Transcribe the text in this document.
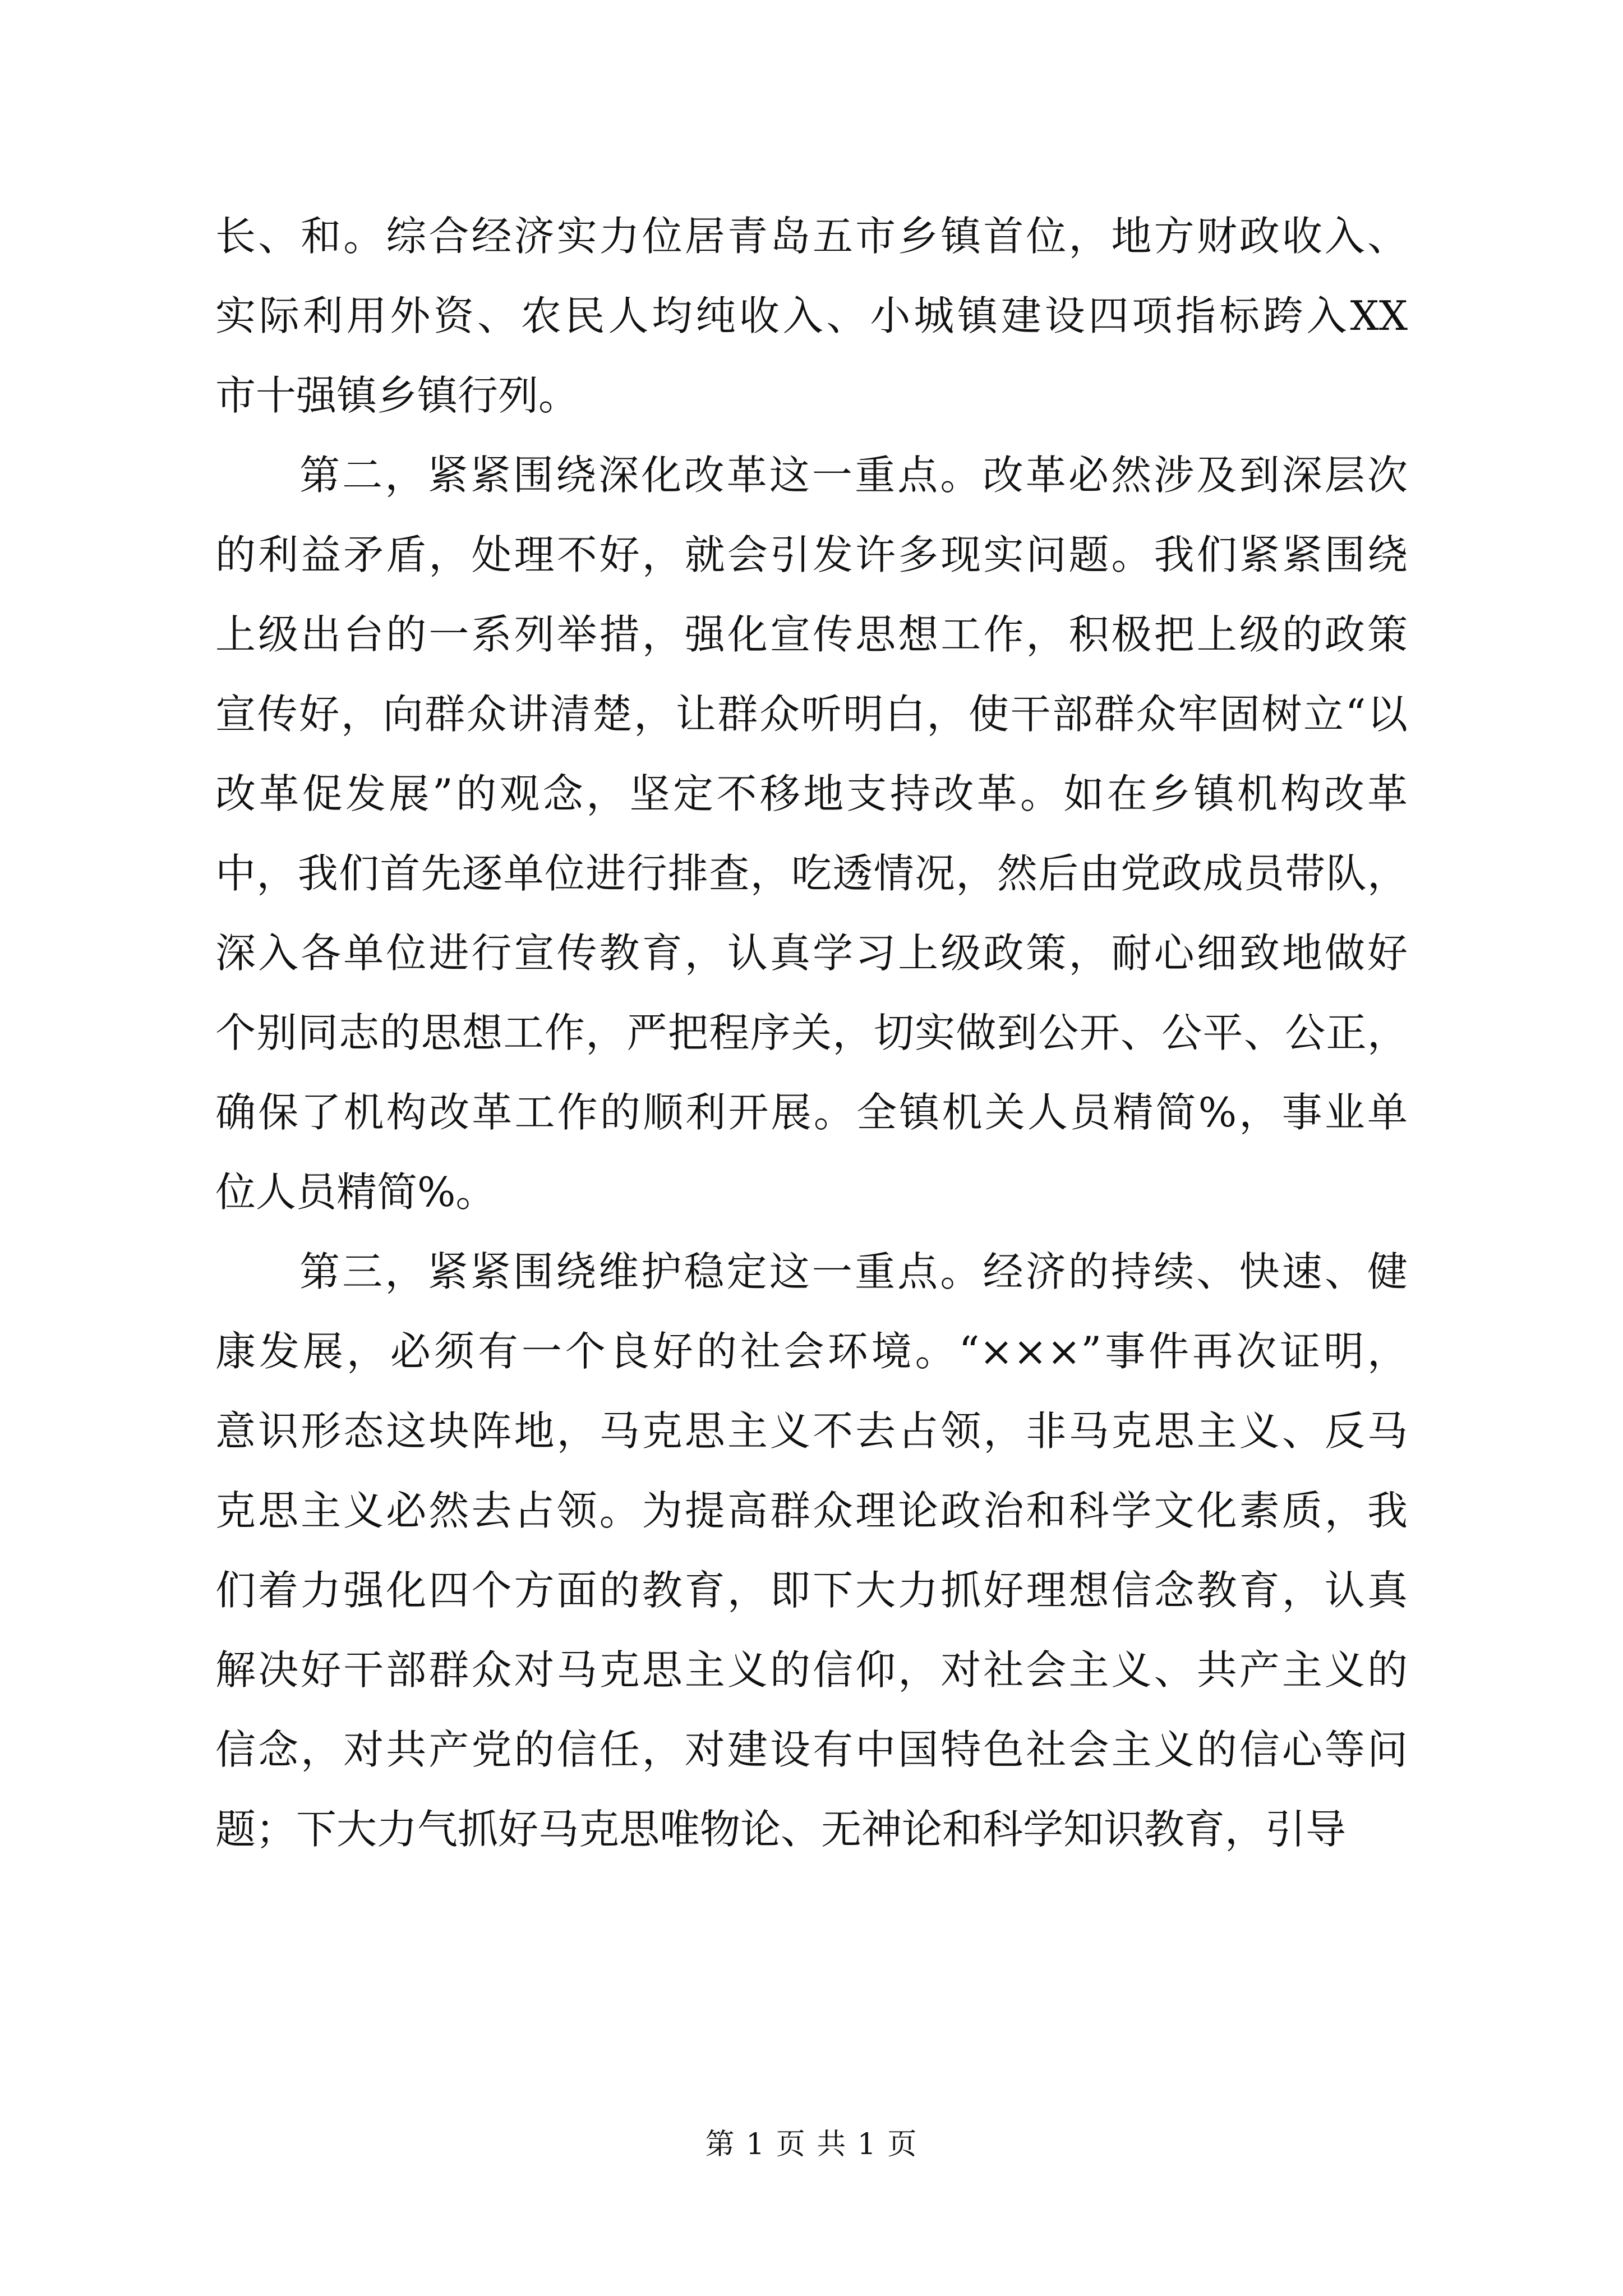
长、和。综合经济实力位居青岛五市乡镇首位，地方财政收入、
实际利用外资、农民人均纯收入、小城镇建设四项指标跨入XX
市十强镇乡镇行列。
第二，紧紧围绕深化改革这一重点。改革必然涉及到深层次
的利益矛盾，处理不好，就会引发许多现实问题。我们紧紧围绕
上级出台的一系列举措，强化宣传思想工作，积极把上级的政策
宣传好，向群众讲清楚，让群众听明白，使干部群众牢固树立“以
改革促发展”的观念，坚定不移地支持改革。如在乡镇机构改革
中，我们首先逐单位进行排查，吃透情况，然后由党政成员带队，
深入各单位进行宣传教育，认真学习上级政策，耐心细致地做好
个别同志的思想工作，严把程序关，切实做到公开、公平、公正，
确保了机构改革工作的顺利开展。全镇机关人员精简%，事业单
位人员精简%。
第三，紧紧围绕维护稳定这一重点。经济的持续、快速、健
康发展，必须有一个良好的社会环境。“×××”事件再次证明，
意识形态这块阵地，马克思主义不去占领，非马克思主义、反马
克思主义必然去占领。为提高群众理论政治和科学文化素质，我
们着力强化四个方面的教育，即下大力抓好理想信念教育，认真
解决好干部群众对马克思主义的信仰，对社会主义、共产主义的
信念，对共产党的信任，对建设有中国特色社会主义的信心等问
题；下大力气抓好马克思唯物论、无神论和科学知识教育，引导
第 1 页 共 1 页
